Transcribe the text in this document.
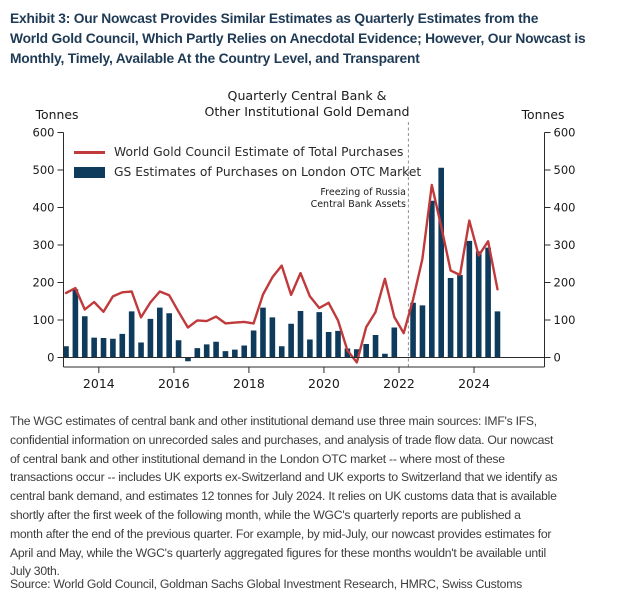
Exhibit 3: Our Nowcast Provides Similar Estimates as Quarterly Estimates from the
World Gold Council, Which Partly Relies on Anecdotal Evidence; However, Our Nowcast is
Monthly, Timely, Available At the Country Level, and Transparent
0	0
100	100
200	200
300	300
400	400
500	500
600	600
2014	2016	2018	2020	2022	2024
Quarterly Central Bank &
Other Institutional Gold Demand
Tonnes	Tonnes
World Gold Council Estimate of Total Purchases
GS Estimates of Purchases on London OTC Market
Freezing of Russia
Central Bank Assets
The WGC estimates of central bank and other institutional demand use three main sources: IMF's IFS,
confidential information on unrecorded sales and purchases, and analysis of trade flow data. Our nowcast
of central bank and other institutional demand in the London OTC market -- where most of these
transactions occur -- includes UK exports ex-Switzerland and UK exports to Switzerland that we identify as
central bank demand, and estimates 12 tonnes for July 2024. It relies on UK customs data that is available
shortly after the first week of the following month, while the WGC's quarterly reports are published a
month after the end of the previous quarter. For example, by mid-July, our nowcast provides estimates for
April and May, while the WGC's quarterly aggregated figures for these months wouldn't be available until
July 30th.
Source: World Gold Council, Goldman Sachs Global Investment Research, HMRC, Swiss Customs
